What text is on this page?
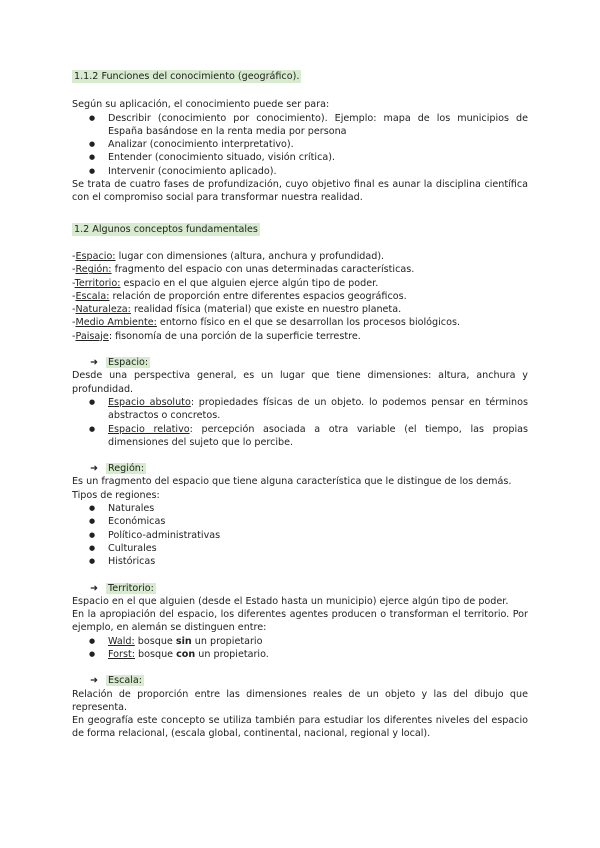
1.1.2 Funciones del conocimiento (geográfico).

Según su aplicación, el conocimiento puede ser para:

● Describir (conocimiento por conocimiento). Ejemplo: mapa de los municipios de España basándose en la renta media por persona
● Analizar (conocimiento interpretativo).
● Entender (conocimiento situado, visión crítica).
● Intervenir (conocimiento aplicado).

Se trata de cuatro fases de profundización, cuyo objetivo final es aunar la disciplina científica con el compromiso social para transformar nuestra realidad.

1.2 Algunos conceptos fundamentales

-Espacio: lugar con dimensiones (altura, anchura y profundidad).

-Región: fragmento del espacio con unas determinadas características.

-Territorio: espacio en el que alguien ejerce algún tipo de poder.

-Escala: relación de proporción entre diferentes espacios geográficos.

-Naturaleza: realidad física (material) que existe en nuestro planeta.

-Medio Ambiente: entorno físico en el que se desarrollan los procesos biológicos.

-Paisaje: fisonomía de una porción de la superficie terrestre.

➜ Espacio:

Desde una perspectiva general, es un lugar que tiene dimensiones: altura, anchura y profundidad.

● Espacio absoluto: propiedades físicas de un objeto. lo podemos pensar en términos abstractos o concretos.
● Espacio relativo: percepción asociada a otra variable (el tiempo, las propias dimensiones del sujeto que lo percibe.

➜ Región:

Es un fragmento del espacio que tiene alguna característica que le distingue de los demás.

Tipos de regiones:

● Naturales
● Económicas
● Político-administrativas
● Culturales
● Históricas

➜ Territorio:

Espacio en el que alguien (desde el Estado hasta un municipio) ejerce algún tipo de poder.

En la apropiación del espacio, los diferentes agentes producen o transforman el territorio. Por ejemplo, en alemán se distinguen entre:

● Wald: bosque sin un propietario
● Forst: bosque con un propietario.

➜ Escala:

Relación de proporción entre las dimensiones reales de un objeto y las del dibujo que representa.

En geografía este concepto se utiliza también para estudiar los diferentes niveles del espacio de forma relacional, (escala global, continental, nacional, regional y local).
